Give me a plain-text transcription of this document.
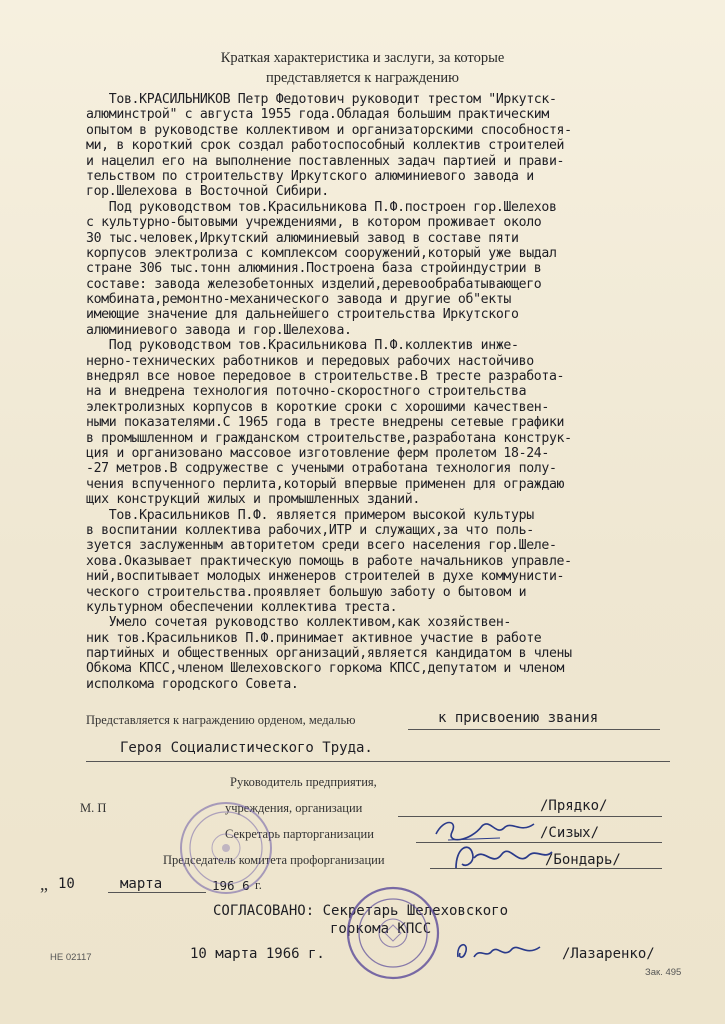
Краткая характеристика и заслуги, за которые
представляется к награждению
Тов.КРАСИЛЬНИКОВ Петр Федотович руководит трестом "Иркутск-
алюминстрой" с августа 1955 года.Обладая большим практическим
опытом в руководстве коллективом и организаторскими способностя-
ми, в короткий срок создал работоспособный коллектив строителей
и нацелил его на выполнение поставленных задач партией и прави-
тельством по строительству Иркутского алюминиевого завода и
гор.Шелехова в Восточной Сибири.
Под руководством тов.Красильникова П.Ф.построен гор.Шелехов
с культурно-бытовыми учреждениями, в котором проживает около
30 тыс.человек,Иркутский алюминиевый завод в составе пяти
корпусов электролиза с комплексом сооружений,который уже выдал
стране 306 тыс.тонн алюминия.Построена база стройиндустрии в
составе: завода железобетонных изделий,деревообрабатывающего
комбината,ремонтно-механического завода и другие об"екты
имеющие значение для дальнейшего строительства Иркутского
алюминиевого завода и гор.Шелехова.
Под руководством тов.Красильникова П.Ф.коллектив инже-
нерно-технических работников и передовых рабочих настойчиво
внедрял все новое передовое в строительстве.В тресте разработа-
на и внедрена технология поточно-скоростного строительства
электролизных корпусов в короткие сроки с хорошими качествен-
ными показателями.С 1965 года в тресте внедрены сетевые графики
в промышленном и гражданском строительстве,разработана конструк-
ция и организовано массовое изготовление ферм пролетом 18-24-
-27 метров.В содружестве с учеными отработана технология полу-
чения вспученного перлита,который впервые применен для ограждаю
щих конструкций жилых и промышленных зданий.
Тов.Красильников П.Ф. является примером высокой культуры
в воспитании коллектива рабочих,ИТР и служащих,за что поль-
зуется заслуженным авторитетом среди всего населения гор.Шеле-
хова.Оказывает практическую помощь в работе начальников управле-
ний,воспитывает молодых инженеров строителей в духе коммунисти-
ческого строительства.проявляет большую заботу о бытовом и
культурном обеспечении коллектива треста.
Умело сочетая руководство коллективом,как хозяйствен-
ник тов.Красильников П.Ф.принимает активное участие в работе
партийных и общественных организаций,является кандидатом в члены
Обкома КПСС,членом Шелеховского горкома КПСС,депутатом и членом
исполкома городского Совета.
Представляется к награждению орденом, медалью	к присвоению звания
Героя Социалистического Труда.
Руководитель предприятия,
М. П	учреждения, организации	/Прядко/
Секретарь парторганизации	/Сизых/
Председатель комитета профорганизации	/Бондарь/
„ 10	марта	196 6 г.
СОГЛАСОВАНО: Секретарь Шелеховского
горкома КПСС
10 марта 1966 г.	/Лазаренко/
НЕ 02117
Зак. 495
